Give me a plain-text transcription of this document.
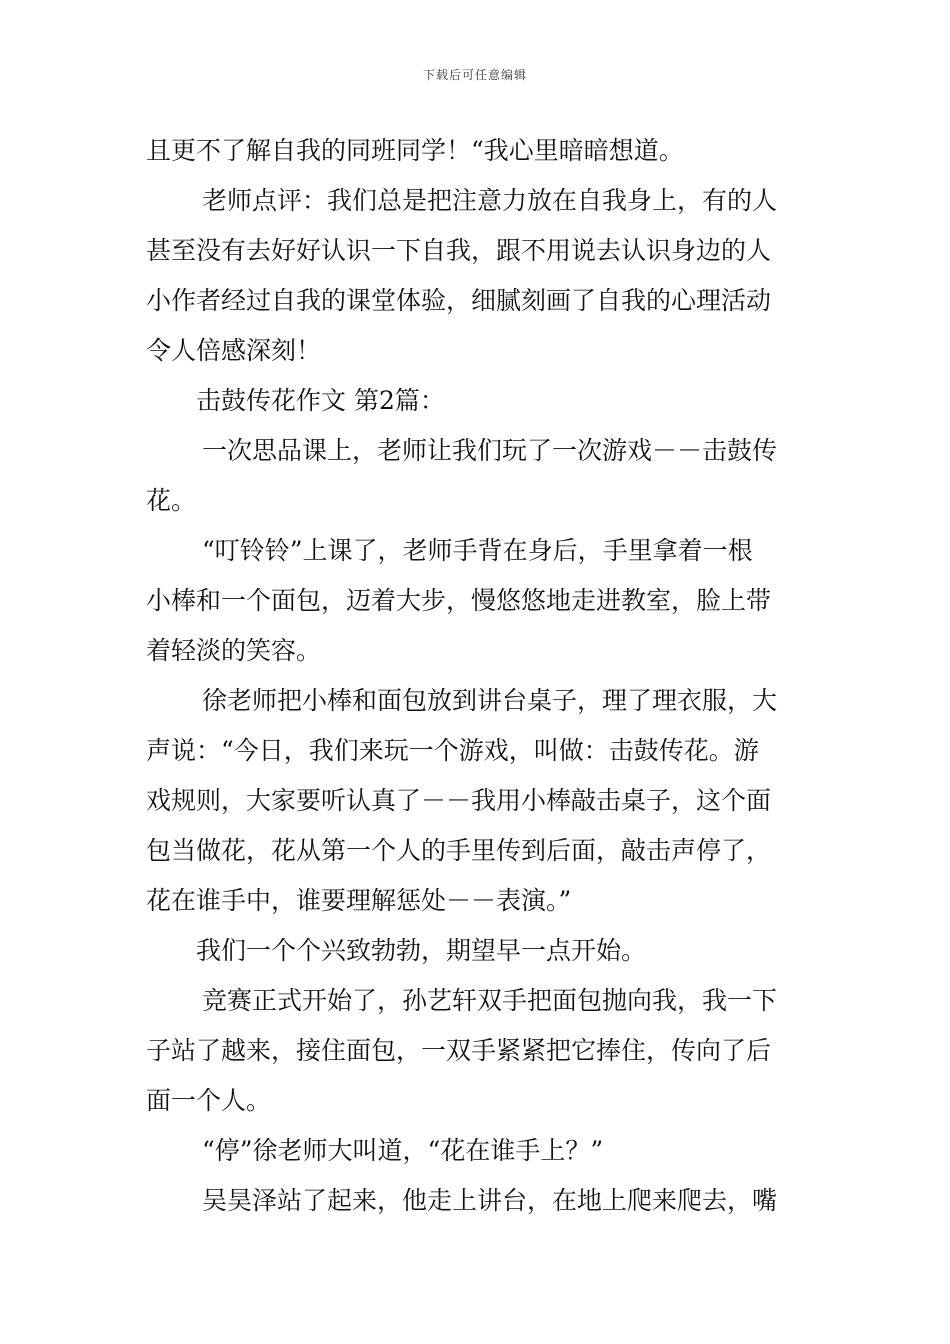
下载后可任意编辑
且更不了解自我的同班同学！“我心里暗暗想道。
老师点评：我们总是把注意力放在自我身上，有的人
甚至没有去好好认识一下自我，跟不用说去认识身边的人
小作者经过自我的课堂体验，细腻刻画了自我的心理活动
令人倍感深刻！
击鼓传花作文 第2篇：
一次思品课上，老师让我们玩了一次游戏－－击鼓传
花。
“叮铃铃”上课了，老师手背在身后，手里拿着一根
小棒和一个面包，迈着大步，慢悠悠地走进教室，脸上带
着轻淡的笑容。
徐老师把小棒和面包放到讲台桌子，理了理衣服，大
声说：“今日，我们来玩一个游戏，叫做：击鼓传花。游
戏规则，大家要听认真了－－我用小棒敲击桌子，这个面
包当做花，花从第一个人的手里传到后面，敲击声停了，
花在谁手中，谁要理解惩处－－表演。”
我们一个个兴致勃勃，期望早一点开始。
竞赛正式开始了，孙艺轩双手把面包抛向我，我一下
子站了越来，接住面包，一双手紧紧把它捧住，传向了后
面一个人。
“停”徐老师大叫道，“花在谁手上？”
吴昊泽站了起来，他走上讲台，在地上爬来爬去，嘴
